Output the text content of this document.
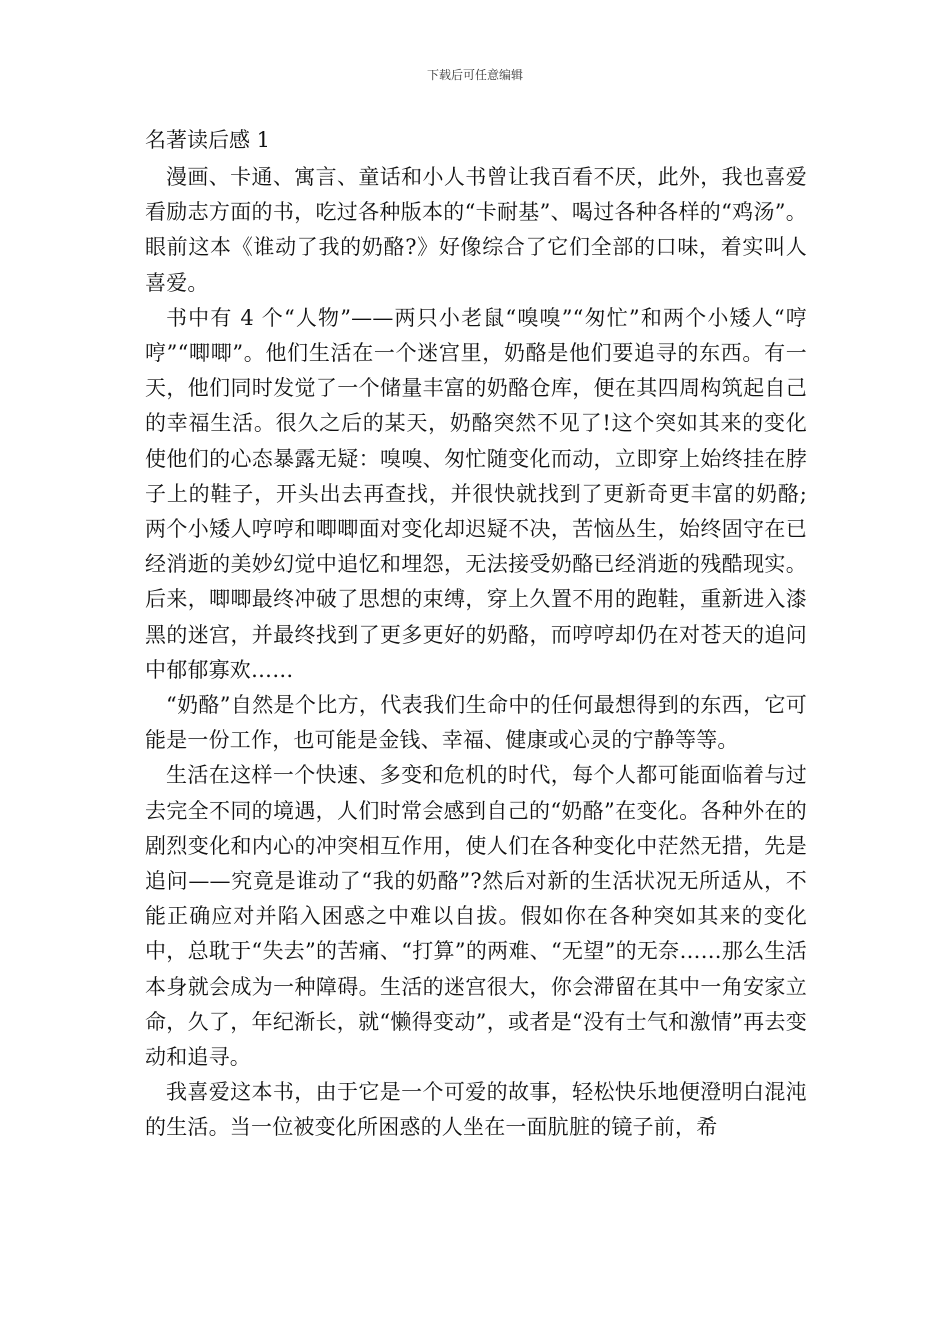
下载后可任意编辑
名著读后感 1

漫画、卡通、寓言、童话和小人书曾让我百看不厌，此外，我也喜爱看励志方面的书，吃过各种版本的“卡耐基”、喝过各种各样的“鸡汤”。眼前这本《谁动了我的奶酪?》好像综合了它们全部的口味，着实叫人喜爱。

书中有 4 个“人物”——两只小老鼠“嗅嗅”“匆忙”和两个小矮人“哼哼”“唧唧”。他们生活在一个迷宫里，奶酪是他们要追寻的东西。有一天，他们同时发觉了一个储量丰富的奶酪仓库，便在其四周构筑起自己的幸福生活。很久之后的某天，奶酪突然不见了!这个突如其来的变化使他们的心态暴露无疑：嗅嗅、匆忙随变化而动，立即穿上始终挂在脖子上的鞋子，开头出去再查找，并很快就找到了更新奇更丰富的奶酪;两个小矮人哼哼和唧唧面对变化却迟疑不决，苦恼丛生，始终固守在已经消逝的美妙幻觉中追忆和埋怨，无法接受奶酪已经消逝的残酷现实。后来，唧唧最终冲破了思想的束缚，穿上久置不用的跑鞋，重新进入漆黑的迷宫，并最终找到了更多更好的奶酪，而哼哼却仍在对苍天的追问中郁郁寡欢……

“奶酪”自然是个比方，代表我们生命中的任何最想得到的东西，它可能是一份工作，也可能是金钱、幸福、健康或心灵的宁静等等。

生活在这样一个快速、多变和危机的时代，每个人都可能面临着与过去完全不同的境遇，人们时常会感到自己的“奶酪”在变化。各种外在的剧烈变化和内心的冲突相互作用，使人们在各种变化中茫然无措，先是追问——究竟是谁动了“我的奶酪”?然后对新的生活状况无所适从，不能正确应对并陷入困惑之中难以自拔。假如你在各种突如其来的变化中，总耽于“失去”的苦痛、“打算”的两难、“无望”的无奈……那么生活本身就会成为一种障碍。生活的迷宫很大，你会滞留在其中一角安家立命，久了，年纪渐长，就“懒得变动”，或者是“没有士气和激情”再去变动和追寻。

我喜爱这本书，由于它是一个可爱的故事，轻松快乐地便澄明白混沌的生活。当一位被变化所困惑的人坐在一面肮脏的镜子前，希
